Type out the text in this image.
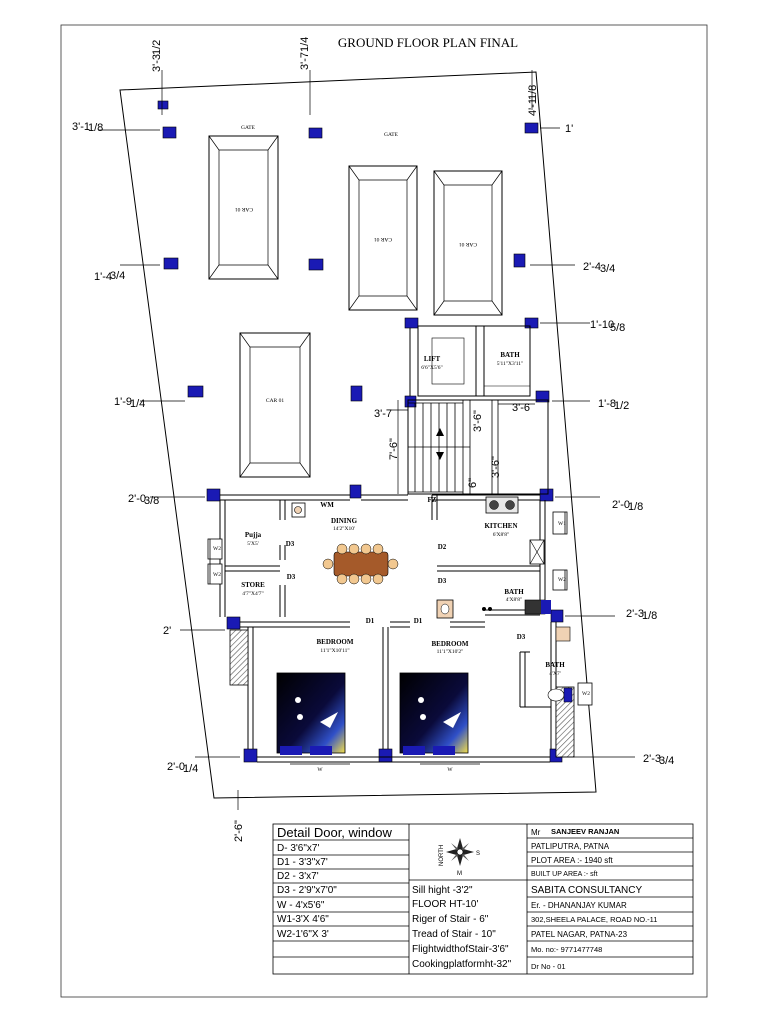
GROUND FLOOR PLAN FINAL
CAR 01
CAR 01
CAR 01
CAR 01
GATE
GATE
LIFT
6'6"X5'6"
BATH
5'11"X3'11"
FZ
WM
DINING
14'2"X10'	KITCHEN
6'X8'8"
Pujja
5'X5'
STORE
4'7"X4'7"	BATH
4'X8'8"
BEDROOM
11'1"X10'11"
BEDROOM
11'1"X10'2"
BATH
4'X7'
D3
D3
D2
D3
D1	D1
D3
W	W
W2
W2
W1
W2
W2
3'-3
1/2
3'-7
1/4
4'-1
1/8
3'-1
1/8	1'
1'-4
3/4
2'-4 3/4
1'-10
5/8
1'-9
1/4	1'-8
1/2
3'-7	3'-6
7'-6"
3'-6"
3'-6"
6"
2'-0
3/8	2'-0
1/8
2'
2'-3
1/8
2'-0
1/4
2'-3
3/4
2'-6" Detail Door, window
D- 3'6"x7'
D1 - 3'3"x7'
D2 - 3'x7'
D3 - 2'9"x7'0"
W - 4'x5'6"
W1-3'X 4'6"
W2-1'6"X 3'
NORTH	S
M
Sill hight -3'2"
FLOOR HT-10'
Riger of Stair - 6"
Tread of Stair - 10"
FlightwidthofStair-3'6"
Cookingplatformht-32"
Mr SANJEEV RANJAN
PATLIPUTRA, PATNA
PLOT AREA :- 1940 sft
BUILT UP AREA :- sft
SABITA CONSULTANCY
Er. - DHANANJAY KUMAR
302,SHEELA PALACE, ROAD NO.-11
PATEL NAGAR, PATNA-23
Mo. no:- 9771477748
Dr No - 01
